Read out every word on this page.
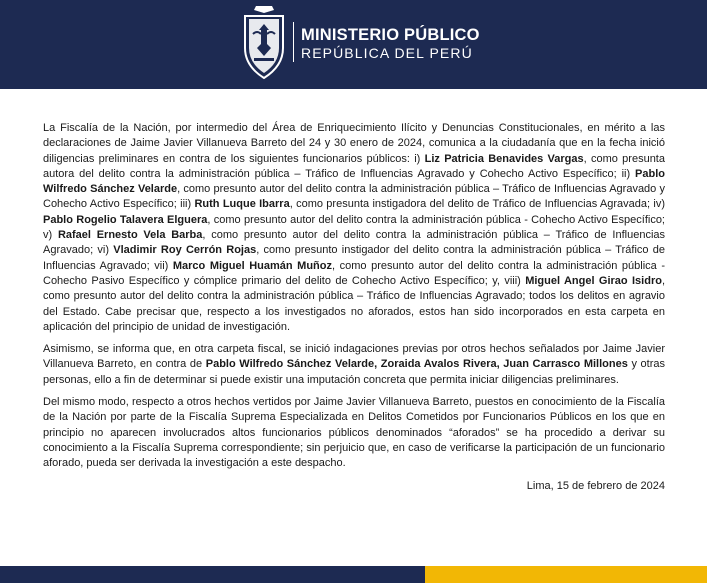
MINISTERIO PÚBLICO
REPÚBLICA DEL PERÚ

La Fiscalía de la Nación, por intermedio del Área de Enriquecimiento Ilícito y Denuncias Constitucionales, en mérito a las declaraciones de Jaime Javier Villanueva Barreto del 24 y 30 enero de 2024, comunica a la ciudadanía que en la fecha inició diligencias preliminares en contra de los siguientes funcionarios públicos: i) Liz Patricia Benavides Vargas, como presunta autora del delito contra la administración pública – Tráfico de Influencias Agravado y Cohecho Activo Específico; ii) Pablo Wilfredo Sánchez Velarde, como presunto autor del delito contra la administración pública – Tráfico de Influencias Agravado y Cohecho Activo Específico; iii) Ruth Luque Ibarra, como presunta instigadora del delito de Tráfico de Influencias Agravada; iv) Pablo Rogelio Talavera Elguera, como presunto autor del delito contra la administración pública - Cohecho Activo Específico; v) Rafael Ernesto Vela Barba, como presunto autor del delito contra la administración pública – Tráfico de Influencias Agravado; vi) Vladimir Roy Cerrón Rojas, como presunto instigador del delito contra la administración pública – Tráfico de Influencias Agravado; vii) Marco Miguel Huamán Muñoz, como presunto autor del delito contra la administración pública - Cohecho Pasivo Específico y cómplice primario del delito de Cohecho Activo Específico; y, viii) Miguel Angel Girao Isidro, como presunto autor del delito contra la administración pública – Tráfico de Influencias Agravado; todos los delitos en agravio del Estado. Cabe precisar que, respecto a los investigados no aforados, estos han sido incorporados en esta carpeta en aplicación del principio de unidad de investigación.

Asimismo, se informa que, en otra carpeta fiscal, se inició indagaciones previas por otros hechos señalados por Jaime Javier Villanueva Barreto, en contra de Pablo Wilfredo Sánchez Velarde, Zoraida Avalos Rivera, Juan Carrasco Millones y otras personas, ello a fin de determinar si puede existir una imputación concreta que permita iniciar diligencias preliminares.

Del mismo modo, respecto a otros hechos vertidos por Jaime Javier Villanueva Barreto, puestos en conocimiento de la Fiscalía de la Nación por parte de la Fiscalía Suprema Especializada en Delitos Cometidos por Funcionarios Públicos en los que en principio no aparecen involucrados altos funcionarios públicos denominados “aforados” se ha procedido a derivar su conocimiento a la Fiscalía Suprema correspondiente; sin perjuicio que, en caso de verificarse la participación de un funcionario aforado, pueda ser derivada la investigación a este despacho.

Lima, 15 de febrero de 2024
